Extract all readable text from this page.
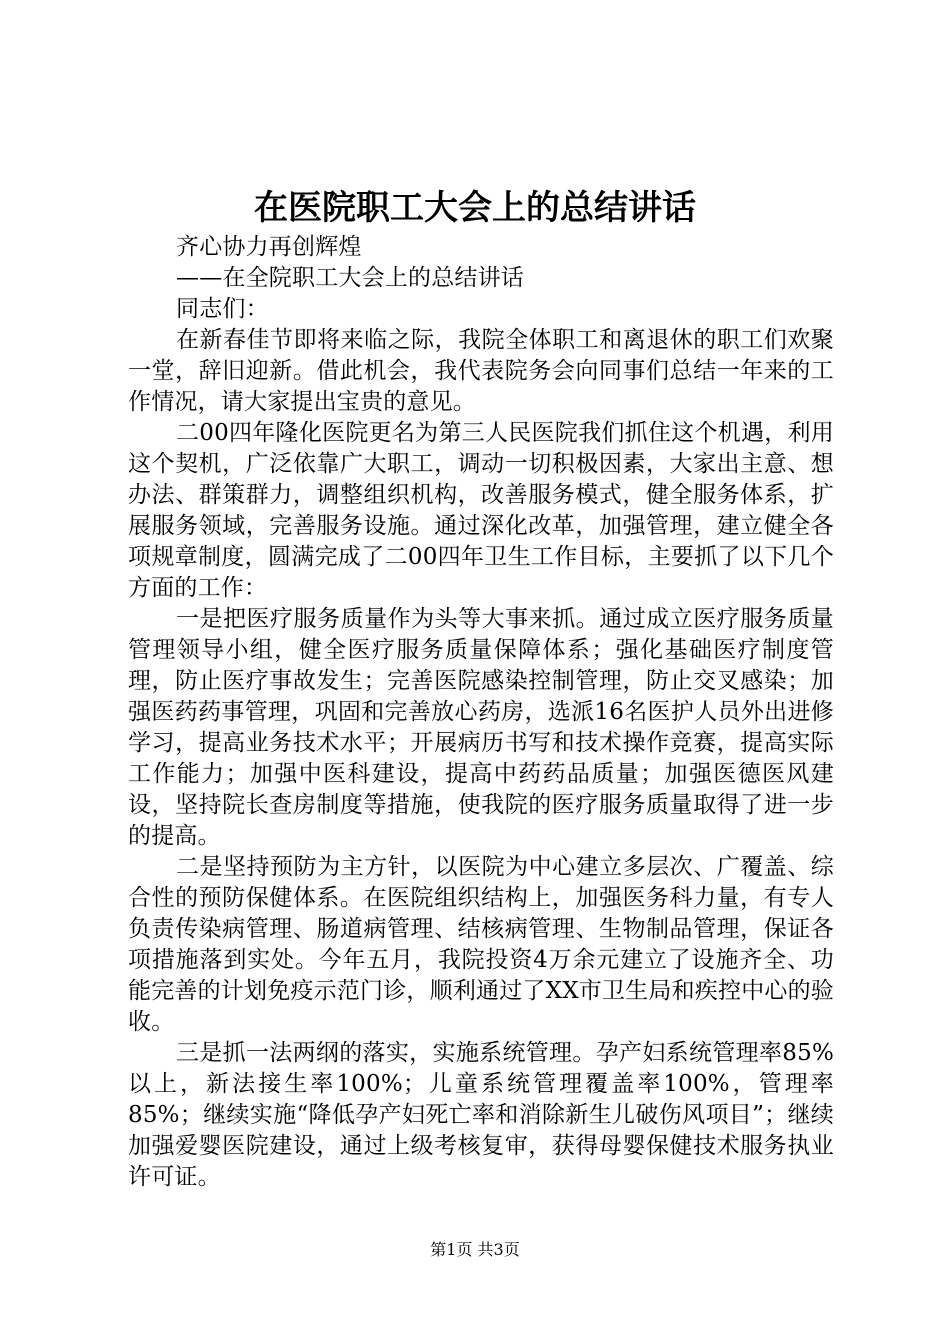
在医院职工大会上的总结讲话

齐心协力再创辉煌

——在全院职工大会上的总结讲话

同志们：

在新春佳节即将来临之际，我院全体职工和离退休的职工们欢聚一堂，辞旧迎新。借此机会，我代表院务会向同事们总结一年来的工作情况，请大家提出宝贵的意见。

二00四年隆化医院更名为第三人民医院我们抓住这个机遇，利用这个契机，广泛依靠广大职工，调动一切积极因素，大家出主意、想办法、群策群力，调整组织机构，改善服务模式，健全服务体系，扩展服务领域，完善服务设施。通过深化改革，加强管理，建立健全各项规章制度，圆满完成了二00四年卫生工作目标，主要抓了以下几个方面的工作：

一是把医疗服务质量作为头等大事来抓。通过成立医疗服务质量管理领导小组，健全医疗服务质量保障体系；强化基础医疗制度管理，防止医疗事故发生；完善医院感染控制管理，防止交叉感染；加强医药药事管理，巩固和完善放心药房，选派16名医护人员外出进修学习，提高业务技术水平；开展病历书写和技术操作竞赛，提高实际工作能力；加强中医科建设，提高中药药品质量；加强医德医风建设，坚持院长查房制度等措施，使我院的医疗服务质量取得了进一步的提高。

二是坚持预防为主方针，以医院为中心建立多层次、广覆盖、综合性的预防保健体系。在医院组织结构上，加强医务科力量，有专人负责传染病管理、肠道病管理、结核病管理、生物制品管理，保证各项措施落到实处。今年五月，我院投资4万余元建立了设施齐全、功能完善的计划免疫示范门诊，顺利通过了XX市卫生局和疾控中心的验收。

三是抓一法两纲的落实，实施系统管理。孕产妇系统管理率85%以上，新法接生率100%；儿童系统管理覆盖率100%，管理率85%；继续实施“降低孕产妇死亡率和消除新生儿破伤风项目”；继续加强爱婴医院建设，通过上级考核复审，获得母婴保健技术服务执业许可证。

第1页 共3页
